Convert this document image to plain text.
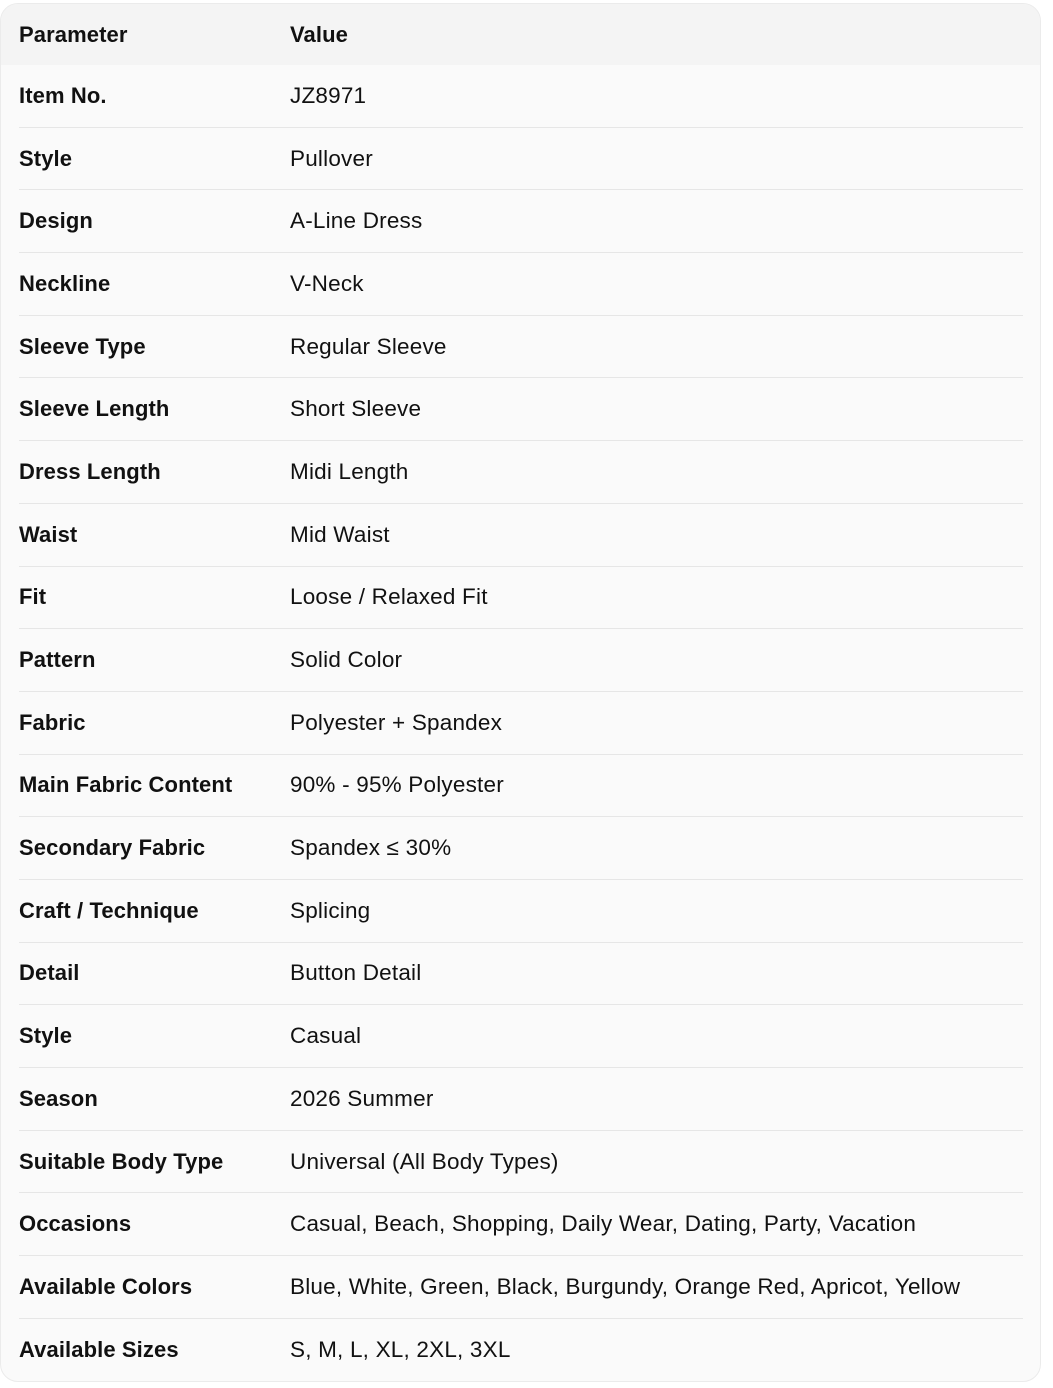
Parameter	Value
Item No.	JZ8971
Style	Pullover
Design	A-Line Dress
Neckline	V-Neck
Sleeve Type	Regular Sleeve
Sleeve Length	Short Sleeve
Dress Length	Midi Length
Waist	Mid Waist
Fit	Loose / Relaxed Fit
Pattern	Solid Color
Fabric	Polyester + Spandex
Main Fabric Content	90% - 95% Polyester
Secondary Fabric	Spandex ≤ 30%
Craft / Technique	Splicing
Detail	Button Detail
Style	Casual
Season	2026 Summer
Suitable Body Type	Universal (All Body Types)
Occasions	Casual, Beach, Shopping, Daily Wear, Dating, Party, Vacation
Available Colors	Blue, White, Green, Black, Burgundy, Orange Red, Apricot, Yellow
Available Sizes	S, M, L, XL, 2XL, 3XL
